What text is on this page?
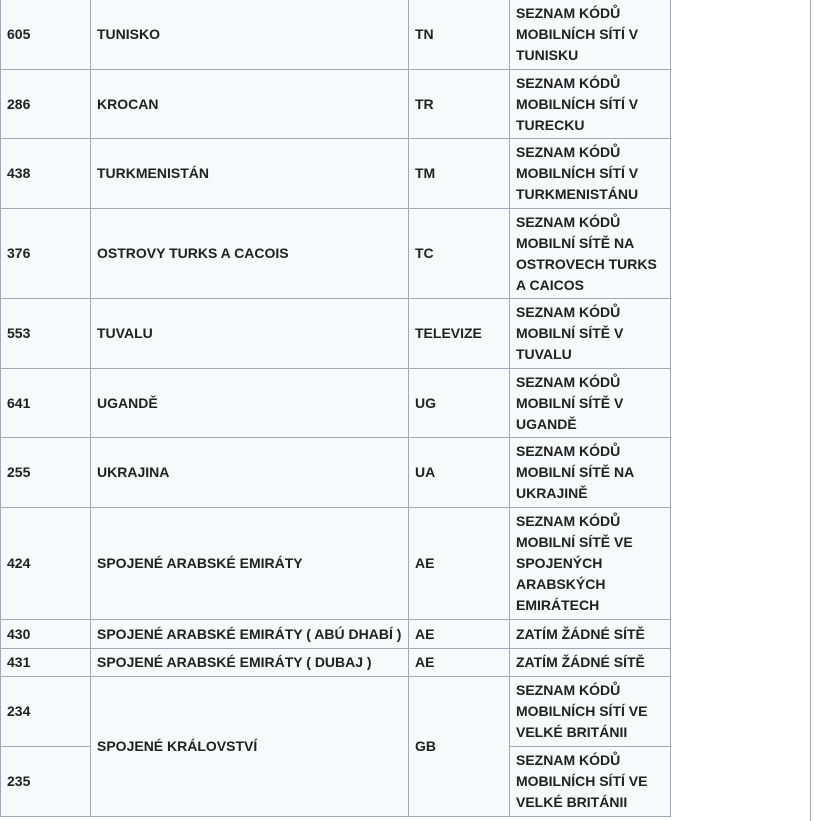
605	TUNISKO	TN	SEZNAM KÓDŮ MOBILNÍCH SÍTÍ V TUNISKU
286	KROCAN	TR	SEZNAM KÓDŮ MOBILNÍCH SÍTÍ V TURECKU
438	TURKMENISTÁN	TM	SEZNAM KÓDŮ MOBILNÍCH SÍTÍ V TURKMENISTÁNU
376	OSTROVY TURKS A CACOIS	TC	SEZNAM KÓDŮ MOBILNÍ SÍTĚ NA OSTROVECH TURKS A CAICOS
553	TUVALU	TELEVIZE	SEZNAM KÓDŮ MOBILNÍ SÍTĚ V TUVALU
641	UGANDĚ	UG	SEZNAM KÓDŮ MOBILNÍ SÍTĚ V UGANDĚ
255	UKRAJINA	UA	SEZNAM KÓDŮ MOBILNÍ SÍTĚ NA UKRAJINĚ
424	SPOJENÉ ARABSKÉ EMIRÁTY	AE	SEZNAM KÓDŮ MOBILNÍ SÍTĚ VE SPOJENÝCH ARABSKÝCH EMIRÁTECH
430	SPOJENÉ ARABSKÉ EMIRÁTY ( ABÚ DHABÍ )	AE	ZATÍM ŽÁDNÉ SÍTĚ
431	SPOJENÉ ARABSKÉ EMIRÁTY ( DUBAJ )	AE	ZATÍM ŽÁDNÉ SÍTĚ
234	SPOJENÉ KRÁLOVSTVÍ	GB	SEZNAM KÓDŮ MOBILNÍCH SÍTÍ VE VELKÉ BRITÁNII
235			SEZNAM KÓDŮ MOBILNÍCH SÍTÍ VE VELKÉ BRITÁNII
